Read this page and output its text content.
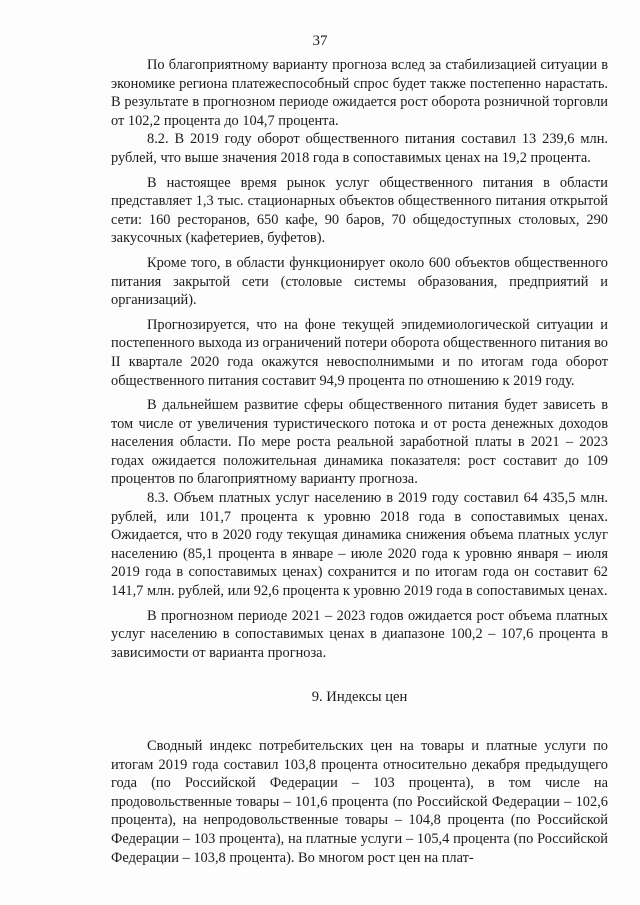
37

По благоприятному варианту прогноза вслед за стабилизацией ситуации в экономике региона платежеспособный спрос будет также постепенно нарастать. В результате в прогнозном периоде ожидается рост оборота розничной торговли от 102,2 процента до 104,7 процента.

8.2. В 2019 году оборот общественного питания составил 13 239,6 млн. рублей, что выше значения 2018 года в сопоставимых ценах на 19,2 процента.

В настоящее время рынок услуг общественного питания в области представляет 1,3 тыс. стационарных объектов общественного питания открытой сети: 160 ресторанов, 650 кафе, 90 баров, 70 общедоступных столовых, 290 закусочных (кафетериев, буфетов).

Кроме того, в области функционирует около 600 объектов общественного питания закрытой сети (столовые системы образования, предприятий и организаций).

Прогнозируется, что на фоне текущей эпидемиологической ситуации и постепенного выхода из ограничений потери оборота общественного питания во II квартале 2020 года окажутся невосполнимыми и по итогам года оборот общественного питания составит 94,9 процента по отношению к 2019 году.

В дальнейшем развитие сферы общественного питания будет зависеть в том числе от увеличения туристического потока и от роста денежных доходов населения области. По мере роста реальной заработной платы в 2021 – 2023 годах ожидается положительная динамика показателя: рост составит до 109 процентов по благоприятному варианту прогноза.

8.3. Объем платных услуг населению в 2019 году составил 64 435,5 млн. рублей, или 101,7 процента к уровню 2018 года в сопоставимых ценах. Ожидается, что в 2020 году текущая динамика снижения объема платных услуг населению (85,1 процента в январе – июле 2020 года к уровню января – июля 2019 года в сопоставимых ценах) сохранится и по итогам года он составит 62 141,7 млн. рублей, или 92,6 процента к уровню 2019 года в сопоставимых ценах.

В прогнозном периоде 2021 – 2023 годов ожидается рост объема платных услуг населению в сопоставимых ценах в диапазоне 100,2 – 107,6 процента в зависимости от варианта прогноза.

9. Индексы цен

Сводный индекс потребительских цен на товары и платные услуги по итогам 2019 года составил 103,8 процента относительно декабря предыдущего года (по Российской Федерации – 103 процента), в том числе на продовольственные товары – 101,6 процента (по Российской Федерации – 102,6 процента), на непродовольственные товары – 104,8 процента (по Российской Федерации – 103 процента), на платные услуги – 105,4 процента (по Российской Федерации – 103,8 процента). Во многом рост цен на плат-
